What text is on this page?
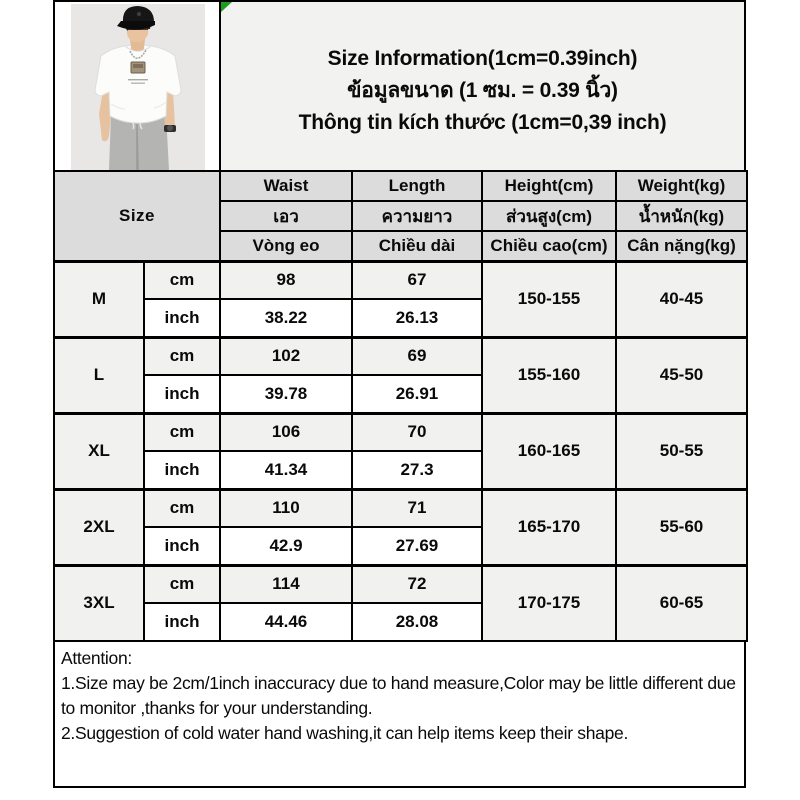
Size Information(1cm=0.39inch)
ข้อมูลขนาด (1 ซม. = 0.39 นิ้ว)
Thông tin kích thước (1cm=0,39 inch)
Size		Waist	Length	Height(cm)	Weight(kg)
		เอว	ความยาว	ส่วนสูง(cm)	น้ำหนัก(kg)
		Vòng eo	Chiều dài	Chiều cao(cm)	Cân nặng(kg)
M	cm	98	67	150-155	40-45
	inch	38.22	26.13		
L	cm	102	69	155-160	45-50
	inch	39.78	26.91		
XL	cm	106	70	160-165	50-55
	inch	41.34	27.3		
2XL	cm	110	71	165-170	55-60
	inch	42.9	27.69		
3XL	cm	114	72	170-175	60-65
	inch	44.46	28.08		
Attention:
1.Size may be 2cm/1inch inaccuracy due to hand measure,Color may be little different due to monitor ,thanks for your understanding.
2.Suggestion of cold water hand washing,it can help items keep their shape.
